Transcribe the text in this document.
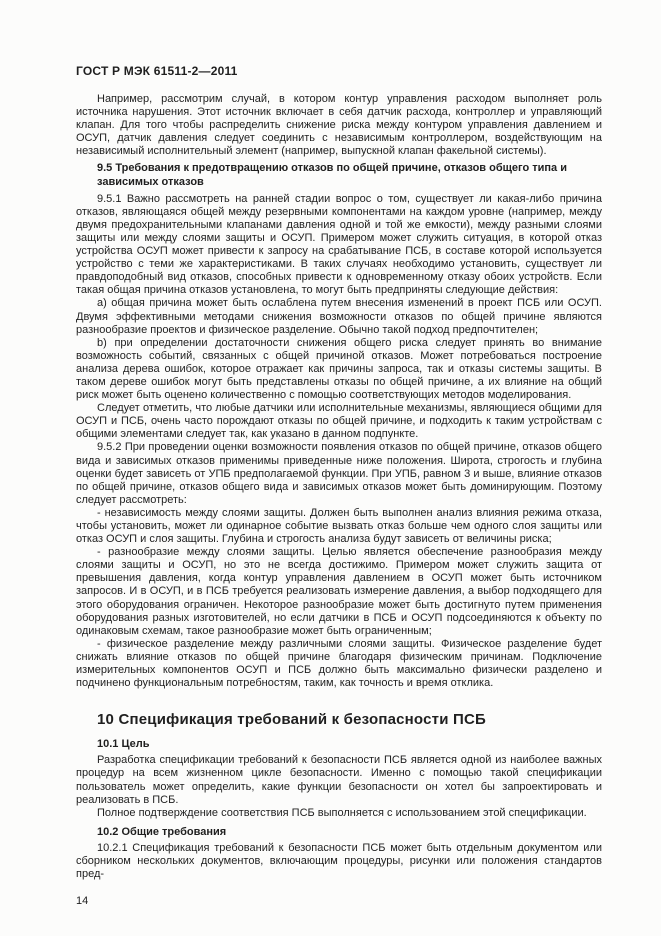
ГОСТ Р МЭК 61511-2—2011

Например, рассмотрим случай, в котором контур управления расходом выполняет роль источника нарушения. Этот источник включает в себя датчик расхода, контроллер и управляющий клапан. Для того чтобы распределить снижение риска между контуром управления давлением и ОСУП, датчик давления следует соединить с независимым контроллером, воздействующим на независимый исполнительный элемент (например, выпускной клапан факельной системы).

9.5 Требования к предотвращению отказов по общей причине, отказов общего типа и зависимых отказов

9.5.1 Важно рассмотреть на ранней стадии вопрос о том, существует ли какая-либо причина отказов, являющаяся общей между резервными компонентами на каждом уровне (например, между двумя предохранительными клапанами давления одной и той же емкости), между разными слоями защиты или между слоями защиты и ОСУП. Примером может служить ситуация, в которой отказ устройства ОСУП может привести к запросу на срабатывание ПСБ, в составе которой используется устройство с теми же характеристиками. В таких случаях необходимо установить, существует ли правдоподобный вид отказов, способных привести к одновременному отказу обоих устройств. Если такая общая причина отказов установлена, то могут быть предприняты следующие действия:

a) общая причина может быть ослаблена путем внесения изменений в проект ПСБ или ОСУП. Двумя эффективными методами снижения возможности отказов по общей причине являются разнообразие проектов и физическое разделение. Обычно такой подход предпочтителен;

b) при определении достаточности снижения общего риска следует принять во внимание возможность событий, связанных с общей причиной отказов. Может потребоваться построение анализа дерева ошибок, которое отражает как причины запроса, так и отказы системы защиты. В таком дереве ошибок могут быть представлены отказы по общей причине, а их влияние на общий риск может быть оценено количественно с помощью соответствующих методов моделирования.

Следует отметить, что любые датчики или исполнительные механизмы, являющиеся общими для ОСУП и ПСБ, очень часто порождают отказы по общей причине, и подходить к таким устройствам с общими элементами следует так, как указано в данном подпункте.

9.5.2 При проведении оценки возможности появления отказов по общей причине, отказов общего вида и зависимых отказов применимы приведенные ниже положения. Широта, строгость и глубина оценки будет зависеть от УПБ предполагаемой функции. При УПБ, равном 3 и выше, влияние отказов по общей причине, отказов общего вида и зависимых отказов может быть доминирующим. Поэтому следует рассмотреть:

- независимость между слоями защиты. Должен быть выполнен анализ влияния режима отказа, чтобы установить, может ли одинарное событие вызвать отказ больше чем одного слоя защиты или отказ ОСУП и слоя защиты. Глубина и строгость анализа будут зависеть от величины риска;

- разнообразие между слоями защиты. Целью является обеспечение разнообразия между слоями защиты и ОСУП, но это не всегда достижимо. Примером может служить защита от превышения давления, когда контур управления давлением в ОСУП может быть источником запросов. И в ОСУП, и в ПСБ требуется реализовать измерение давления, а выбор подходящего для этого оборудования ограничен. Некоторое разнообразие может быть достигнуто путем применения оборудования разных изготовителей, но если датчики в ПСБ и ОСУП подсоединяются к объекту по одинаковым схемам, такое разнообразие может быть ограниченным;

- физическое разделение между различными слоями защиты. Физическое разделение будет снижать влияние отказов по общей причине благодаря физическим причинам. Подключение измерительных компонентов ОСУП и ПСБ должно быть максимально физически разделено и подчинено функциональным потребностям, таким, как точность и время отклика.

10 Спецификация требований к безопасности ПСБ
10.1 Цель

Разработка спецификации требований к безопасности ПСБ является одной из наиболее важных процедур на всем жизненном цикле безопасности. Именно с помощью такой спецификации пользователь может определить, какие функции безопасности он хотел бы запроектировать и реализовать в ПСБ.

Полное подтверждение соответствия ПСБ выполняется с использованием этой спецификации.

10.2 Общие требования

10.2.1 Спецификация требований к безопасности ПСБ может быть отдельным документом или сборником нескольких документов, включающим процедуры, рисунки или положения стандартов пред-

14
